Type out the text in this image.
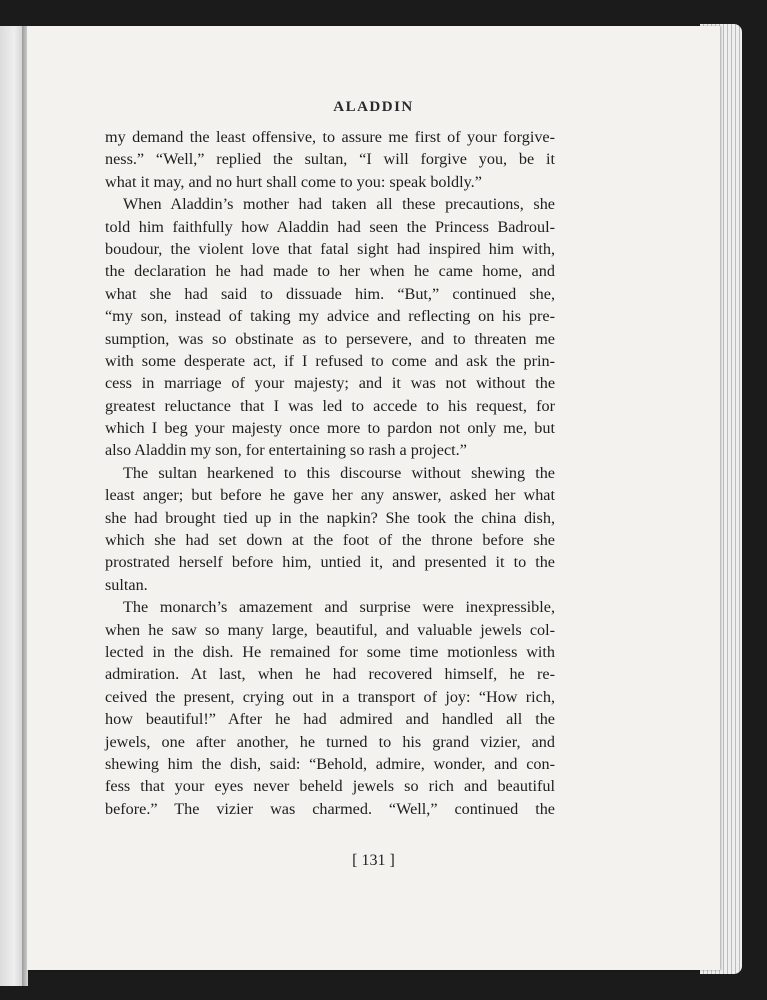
ALADDIN
my demand the least offensive, to assure me first of your forgive-
ness.” “Well,” replied the sultan, “I will forgive you, be it
what it may, and no hurt shall come to you: speak boldly.”
When Aladdin’s mother had taken all these precautions, she
told him faithfully how Aladdin had seen the Princess Badroul-
boudour, the violent love that fatal sight had inspired him with,
the declaration he had made to her when he came home, and
what she had said to dissuade him. “But,” continued she,
“my son, instead of taking my advice and reflecting on his pre-
sumption, was so obstinate as to persevere, and to threaten me
with some desperate act, if I refused to come and ask the prin-
cess in marriage of your majesty; and it was not without the
greatest reluctance that I was led to accede to his request, for
which I beg your majesty once more to pardon not only me, but
also Aladdin my son, for entertaining so rash a project.”
The sultan hearkened to this discourse without shewing the
least anger; but before he gave her any answer, asked her what
she had brought tied up in the napkin? She took the china dish,
which she had set down at the foot of the throne before she
prostrated herself before him, untied it, and presented it to the
sultan.
The monarch’s amazement and surprise were inexpressible,
when he saw so many large, beautiful, and valuable jewels col-
lected in the dish. He remained for some time motionless with
admiration. At last, when he had recovered himself, he re-
ceived the present, crying out in a transport of joy: “How rich,
how beautiful!” After he had admired and handled all the
jewels, one after another, he turned to his grand vizier, and
shewing him the dish, said: “Behold, admire, wonder, and con-
fess that your eyes never beheld jewels so rich and beautiful
before.” The vizier was charmed. “Well,” continued the
[ 131 ]
